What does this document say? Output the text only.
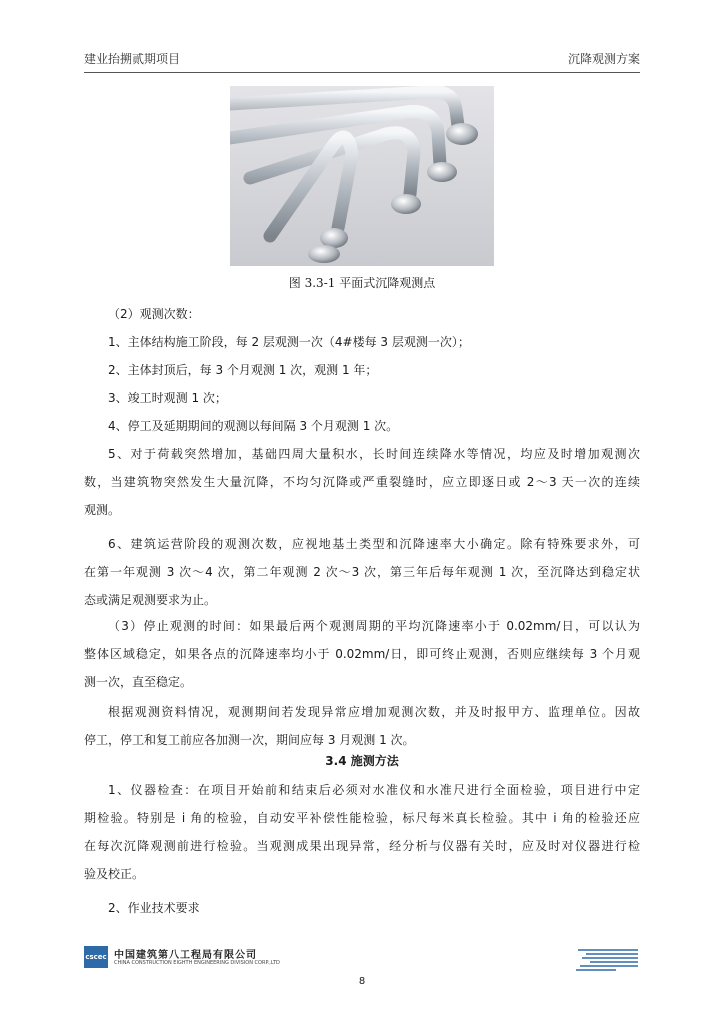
建业抬搠贰期项目	沉降观测方案
图 3.3-1 平面式沉降观测点
（2）观测次数：
1、主体结构施工阶段，每 2 层观测一次（4#楼每 3 层观测一次）；
2、主体封顶后，每 3 个月观测 1 次，观测 1 年；
3、竣工时观测 1 次；
4、停工及延期期间的观测以每间隔 3 个月观测 1 次。
5、对于荷载突然增加，基础四周大量积水，长时间连续降水等情况，均应及时增加观测次
数，当建筑物突然发生大量沉降，不均匀沉降或严重裂缝时，应立即逐日或 2～3 天一次的连续
观测。
6、建筑运营阶段的观测次数，应视地基土类型和沉降速率大小确定。除有特殊要求外，可
在第一年观测 3 次～4 次，第二年观测 2 次～3 次，第三年后每年观测 1 次，至沉降达到稳定状
态或满足观测要求为止。
（3）停止观测的时间：如果最后两个观测周期的平均沉降速率小于 0.02mm/日，可以认为
整体区域稳定，如果各点的沉降速率均小于 0.02mm/日，即可终止观测，否则应继续每 3 个月观
测一次，直至稳定。
根据观测资料情况，观测期间若发现异常应增加观测次数，并及时报甲方、监理单位。因故
停工，停工和复工前应各加测一次，期间应每 3 月观测 1 次。
3.4 施测方法
1、仪器检查：在项目开始前和结束后必须对水准仪和水准尺进行全面检验，项目进行中定
期检验。特别是 i 角的检验，自动安平补偿性能检验，标尺每米真长检验。其中 i 角的检验还应
在每次沉降观测前进行检验。当观测成果出现异常，经分析与仪器有关时，应及时对仪器进行检
验及校正。
2、作业技术要求
cscec 中国建筑第八工程局有限公司
CHINA CONSTRUCTION EIGHTH ENGINEERING DIVISION CORP.,LTD
8
